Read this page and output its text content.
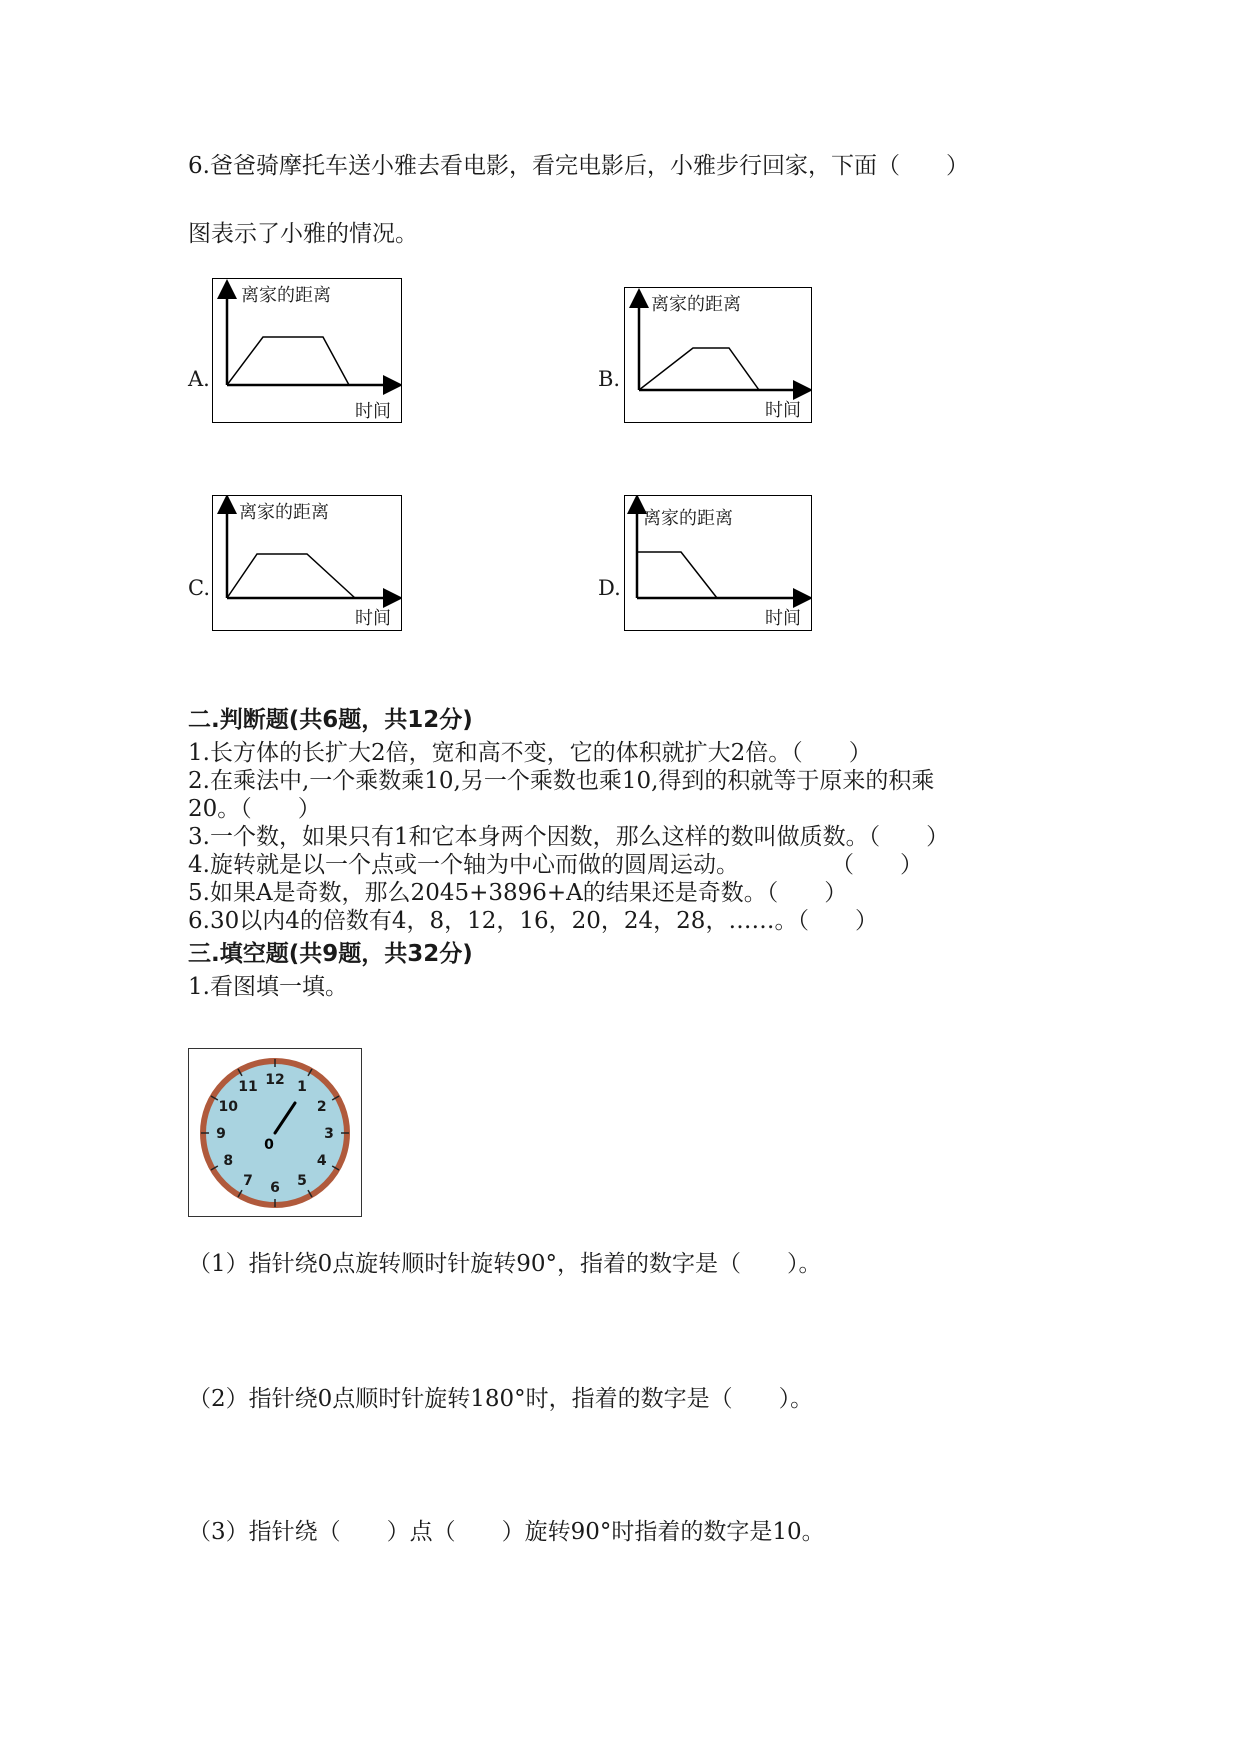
6.爸爸骑摩托车送小雅去看电影，看完电影后，小雅步行回家，下面（　　）
图表示了小雅的情况。
A.
离家的距离
时间
B.
离家的距离
时间
C.
离家的距离
时间
D.
离家的距离
时间
二.判断题(共6题，共12分)
1.长方体的长扩大2倍，宽和高不变，它的体积就扩大2倍。（　　）
2.在乘法中,一个乘数乘10,另一个乘数也乘10,得到的积就等于原来的积乘
20。（　　）
3.一个数，如果只有1和它本身两个因数，那么这样的数叫做质数。（　　）
4.旋转就是以一个点或一个轴为中心而做的圆周运动。　　　　　（　　）
5.如果A是奇数，那么2045+3896+A的结果还是奇数。（　　）
6.30以内4的倍数有4，8，12，16，20，24，28，……。（　　）
三.填空题(共9题，共32分)
1.看图填一填。
12 1
2
3
4
5
6
7
8
9
10
11
0
（1）指针绕0点旋转顺时针旋转90°，指着的数字是（　　）。
（2）指针绕0点顺时针旋转180°时，指着的数字是（　　）。
（3）指针绕（　　）点（　　）旋转90°时指着的数字是10。
